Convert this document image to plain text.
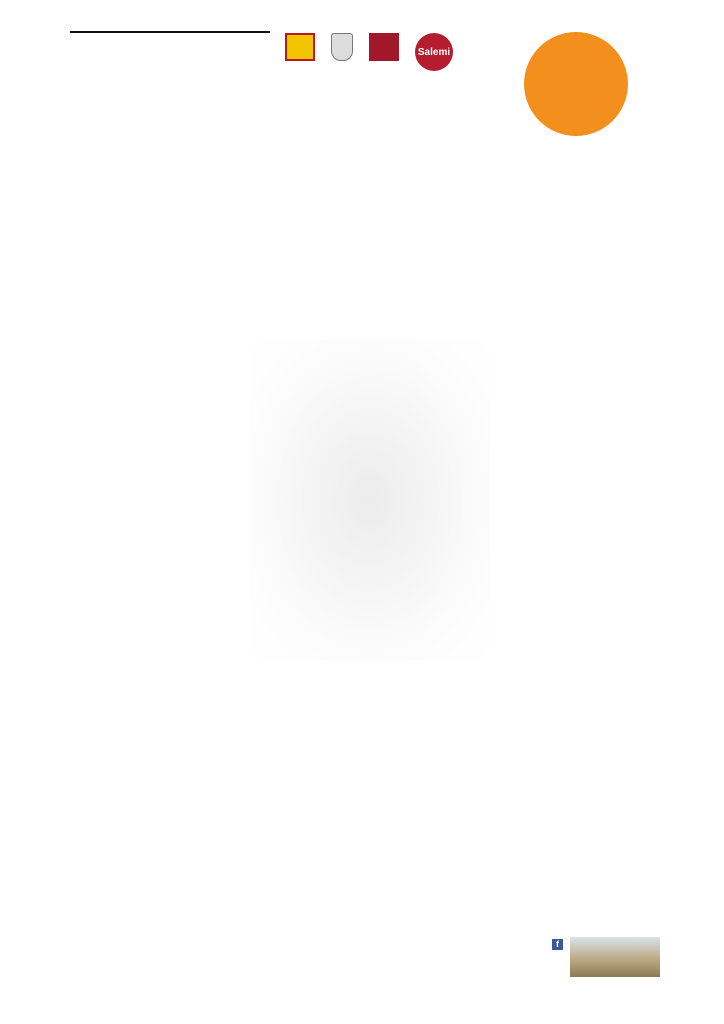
Salemi
f
